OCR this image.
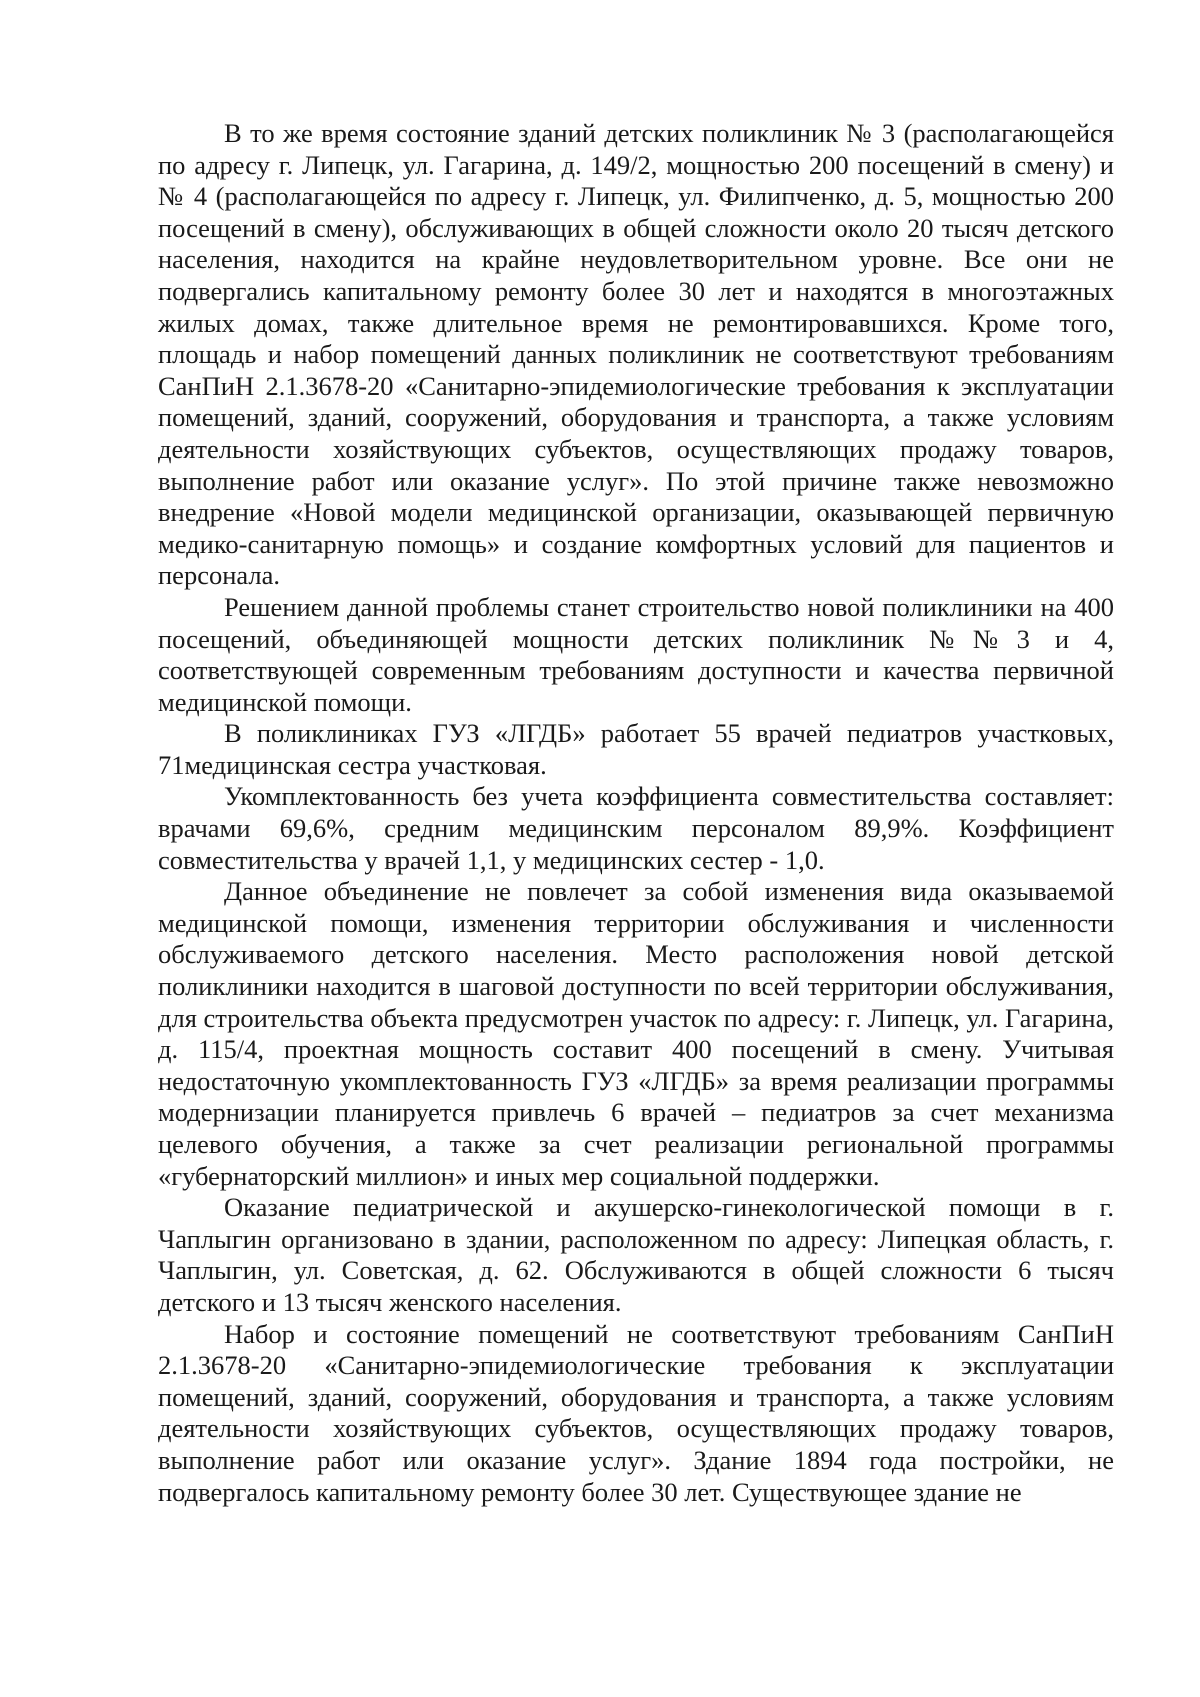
В то же время состояние зданий детских поликлиник № 3 (располагающейся по адресу г. Липецк, ул. Гагарина, д. 149/2, мощностью 200 посещений в смену) и № 4 (располагающейся по адресу г. Липецк, ул. Филипченко, д. 5, мощностью 200 посещений в смену), обслуживающих в общей сложности около 20 тысяч детского населения, находится на крайне неудовлетворительном уровне. Все они не подвергались капитальному ремонту более 30 лет и находятся в многоэтажных жилых домах, также длительное время не ремонтировавшихся. Кроме того, площадь и набор помещений данных поликлиник не соответствуют требованиям СанПиН 2.1.3678-20 «Санитарно-эпидемиологические требования к эксплуатации помещений, зданий, сооружений, оборудования и транспорта, а также условиям деятельности хозяйствующих субъектов, осуществляющих продажу товаров, выполнение работ или оказание услуг». По этой причине также невозможно внедрение «Новой модели медицинской организации, оказывающей первичную медико-санитарную помощь» и создание комфортных условий для пациентов и персонала.

Решением данной проблемы станет строительство новой поликлиники на 400 посещений, объединяющей мощности детских поликлиник №№3 и 4, соответствующей современным требованиям доступности и качества первичной медицинской помощи.

В поликлиниках ГУЗ «ЛГДБ» работает 55 врачей педиатров участковых, 71медицинская сестра участковая.

Укомплектованность без учета коэффициента совместительства составляет: врачами 69,6%, средним медицинским персоналом 89,9%. Коэффициент совместительства у врачей 1,1, у медицинских сестер - 1,0.

Данное объединение не повлечет за собой изменения вида оказываемой медицинской помощи, изменения территории обслуживания и численности обслуживаемого детского населения. Место расположения новой детской поликлиники находится в шаговой доступности по всей территории обслуживания, для строительства объекта предусмотрен участок по адресу: г. Липецк, ул. Гагарина, д. 115/4, проектная мощность составит 400 посещений в смену. Учитывая недостаточную укомплектованность ГУЗ «ЛГДБ» за время реализации программы модернизации планируется привлечь 6 врачей – педиатров за счет механизма целевого обучения, а также за счет реализации региональной программы «губернаторский миллион» и иных мер социальной поддержки.

Оказание педиатрической и акушерско-гинекологической помощи в г. Чаплыгин организовано в здании, расположенном по адресу: Липецкая область, г. Чаплыгин, ул. Советская, д. 62. Обслуживаются в общей сложности 6 тысяч детского и 13 тысяч женского населения.

Набор и состояние помещений не соответствуют требованиям СанПиН 2.1.3678-20 «Санитарно-эпидемиологические требования к эксплуатации помещений, зданий, сооружений, оборудования и транспорта, а также условиям деятельности хозяйствующих субъектов, осуществляющих продажу товаров, выполнение работ или оказание услуг». Здание 1894 года постройки, не подвергалось капитальному ремонту более 30 лет. Существующее здание не
